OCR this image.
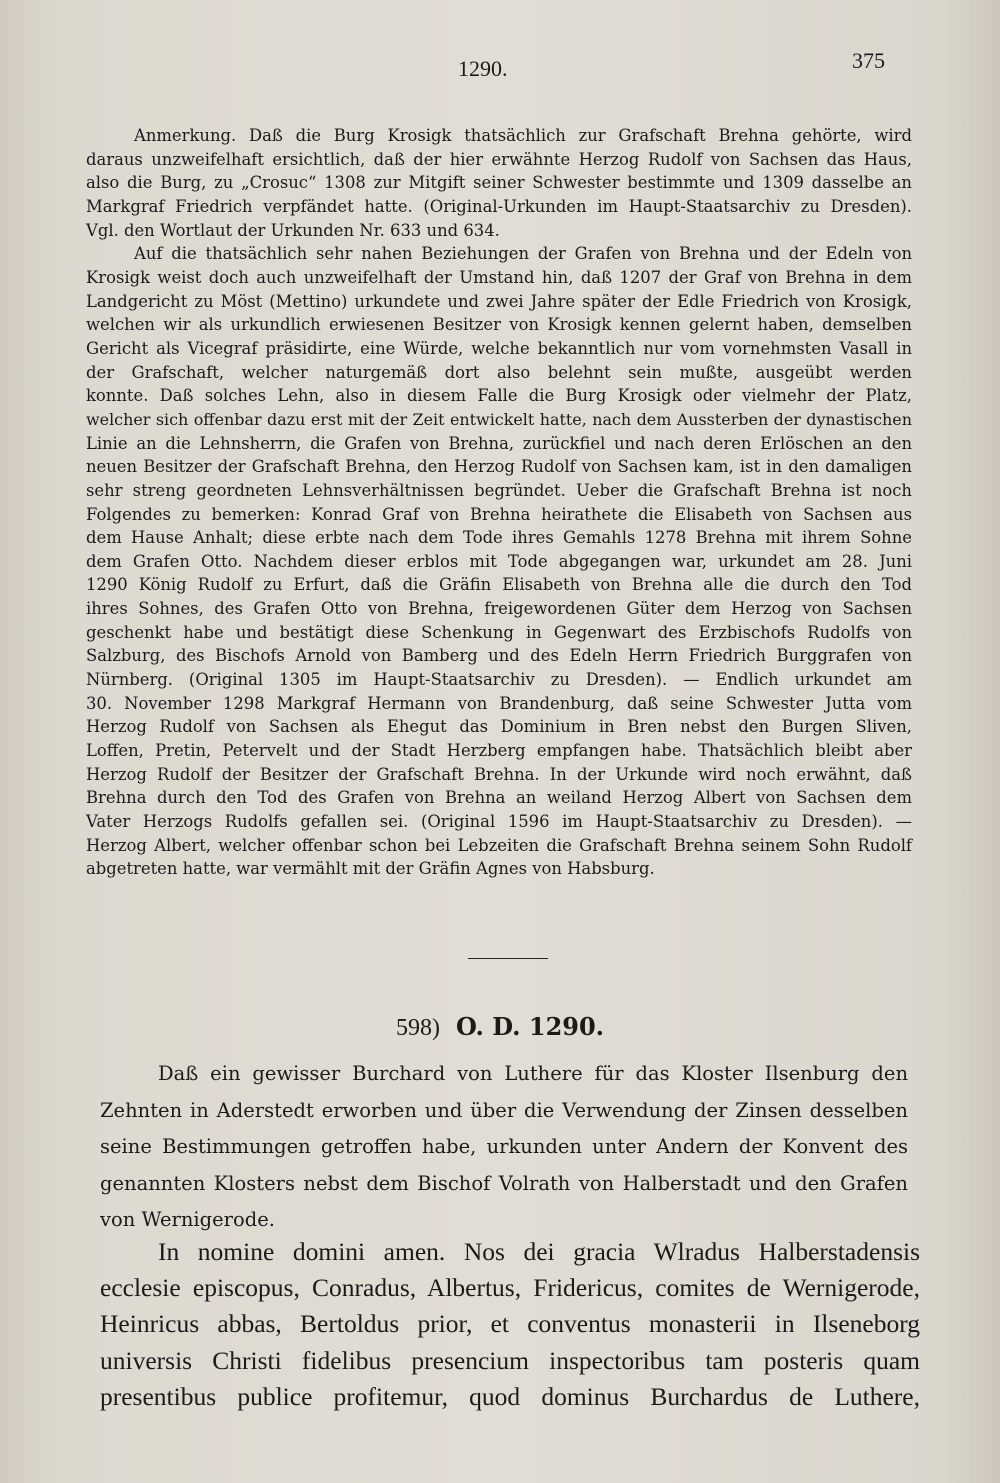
1290.	375
Anmerkung. Daß die Burg Krosigk thatsächlich zur Grafschaft Brehna gehörte, wird
daraus unzweifelhaft ersichtlich, daß der hier erwähnte Herzog Rudolf von Sachsen das Haus,
also die Burg, zu „Crosuc“ 1308 zur Mitgift seiner Schwester bestimmte und 1309 dasselbe an
Markgraf Friedrich verpfändet hatte. (Original-Urkunden im Haupt-Staatsarchiv zu Dresden).
Vgl. den Wortlaut der Urkunden Nr. 633 und 634.
Auf die thatsächlich sehr nahen Beziehungen der Grafen von Brehna und der Edeln von
Krosigk weist doch auch unzweifelhaft der Umstand hin, daß 1207 der Graf von Brehna in dem
Landgericht zu Möst (Mettino) urkundete und zwei Jahre später der Edle Friedrich von Krosigk,
welchen wir als urkundlich erwiesenen Besitzer von Krosigk kennen gelernt haben, demselben
Gericht als Vicegraf präsidirte, eine Würde, welche bekanntlich nur vom vornehmsten Vasall in
der Grafschaft, welcher naturgemäß dort also belehnt sein mußte, ausgeübt werden
konnte. Daß solches Lehn, also in diesem Falle die Burg Krosigk oder vielmehr der Platz,
welcher sich offenbar dazu erst mit der Zeit entwickelt hatte, nach dem Aussterben der dynastischen
Linie an die Lehnsherrn, die Grafen von Brehna, zurückfiel und nach deren Erlöschen an den
neuen Besitzer der Grafschaft Brehna, den Herzog Rudolf von Sachsen kam, ist in den damaligen
sehr streng geordneten Lehnsverhältnissen begründet. Ueber die Grafschaft Brehna ist noch
Folgendes zu bemerken: Konrad Graf von Brehna heirathete die Elisabeth von Sachsen aus
dem Hause Anhalt; diese erbte nach dem Tode ihres Gemahls 1278 Brehna mit ihrem Sohne
dem Grafen Otto. Nachdem dieser erblos mit Tode abgegangen war, urkundet am 28. Juni
1290 König Rudolf zu Erfurt, daß die Gräfin Elisabeth von Brehna alle die durch den Tod
ihres Sohnes, des Grafen Otto von Brehna, freigewordenen Güter dem Herzog von Sachsen
geschenkt habe und bestätigt diese Schenkung in Gegenwart des Erzbischofs Rudolfs von
Salzburg, des Bischofs Arnold von Bamberg und des Edeln Herrn Friedrich Burggrafen von
Nürnberg. (Original 1305 im Haupt-Staatsarchiv zu Dresden). — Endlich urkundet am
30. November 1298 Markgraf Hermann von Brandenburg, daß seine Schwester Jutta vom
Herzog Rudolf von Sachsen als Ehegut das Dominium in Bren nebst den Burgen Sliven,
Loffen, Pretin, Petervelt und der Stadt Herzberg empfangen habe. Thatsächlich bleibt aber
Herzog Rudolf der Besitzer der Grafschaft Brehna. In der Urkunde wird noch erwähnt, daß
Brehna durch den Tod des Grafen von Brehna an weiland Herzog Albert von Sachsen dem
Vater Herzogs Rudolfs gefallen sei. (Original 1596 im Haupt-Staatsarchiv zu Dresden). —
Herzog Albert, welcher offenbar schon bei Lebzeiten die Grafschaft Brehna seinem Sohn Rudolf
abgetreten hatte, war vermählt mit der Gräfin Agnes von Habsburg.
598) O. D. 1290.
Daß ein gewisser Burchard von Luthere für das Kloster Ilsenburg den
Zehnten in Aderstedt erworben und über die Verwendung der Zinsen desselben
seine Bestimmungen getroffen habe, urkunden unter Andern der Konvent des
genannten Klosters nebst dem Bischof Volrath von Halberstadt und den Grafen
von Wernigerode.
In nomine domini amen. Nos dei gracia Wlradus Halberstadensis
ecclesie episcopus, Conradus, Albertus, Fridericus, comites de Wernigerode,
Heinricus abbas, Bertoldus prior, et conventus monasterii in Ilseneborg
universis Christi fidelibus presencium inspectoribus tam posteris quam
presentibus publice profitemur, quod dominus Burchardus de Luthere,
